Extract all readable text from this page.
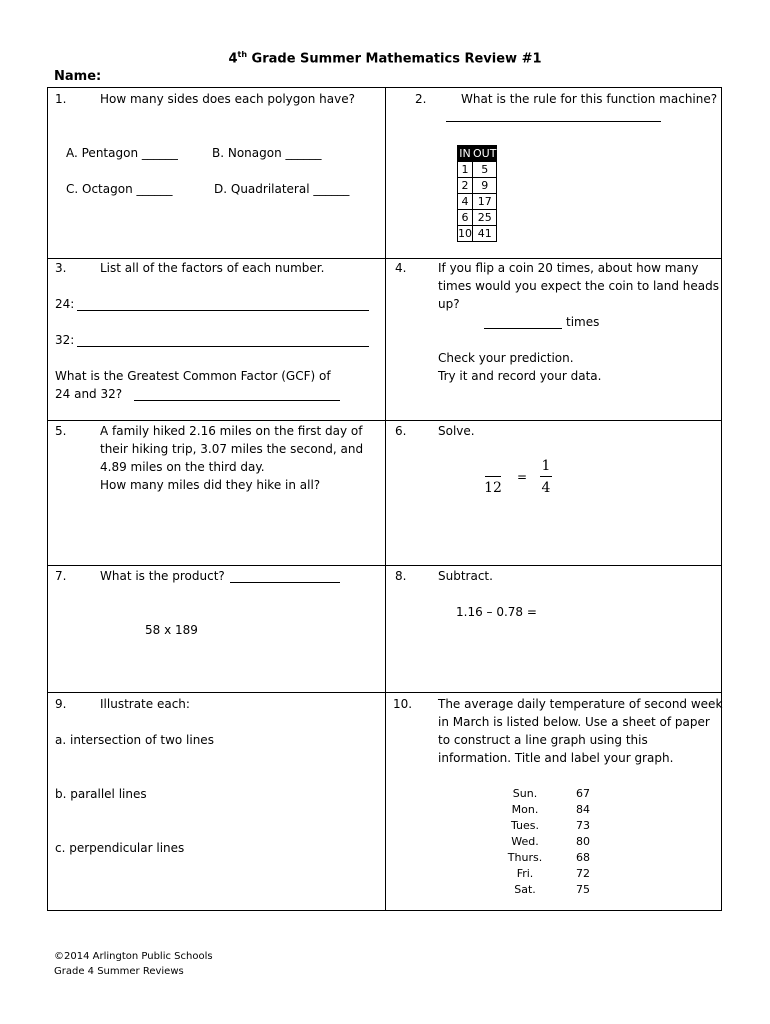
4th Grade Summer Mathematics Review #1
Name:
1.	How many sides does each polygon have?
A. Pentagon ______	B. Nonagon ______
C. Octagon ______	D. Quadrilateral ______
2.	What is the rule for this function machine?
IN	OUT
1	5
2	9
4	17
6	25
10	41
3.	List all of the factors of each number.
24:
32:
What is the Greatest Common Factor (GCF) of
24 and 32?
4.	If you flip a coin 20 times, about how many
times would you expect the coin to land heads
up?
times
Check your prediction.
Try it and record your data.
5.	A family hiked 2.16 miles on the first day of
their hiking trip, 3.07 miles the second, and
4.89 miles on the third day.
How many miles did they hike in all?
6.	Solve.
12
=
1
4
7.	What is the product?
58 x 189
8.	Subtract.
1.16 – 0.78 =
9.	Illustrate each:
a. intersection of two lines
b. parallel lines
c. perpendicular lines
10. The average daily temperature of second week
in March is listed below. Use a sheet of paper
to construct a line graph using this
information. Title and label your graph.
Sun.	67
Mon.	84
Tues.	73
Wed.	80
Thurs.	68
Fri.	72
Sat.	75
©2014 Arlington Public Schools
Grade 4 Summer Reviews
